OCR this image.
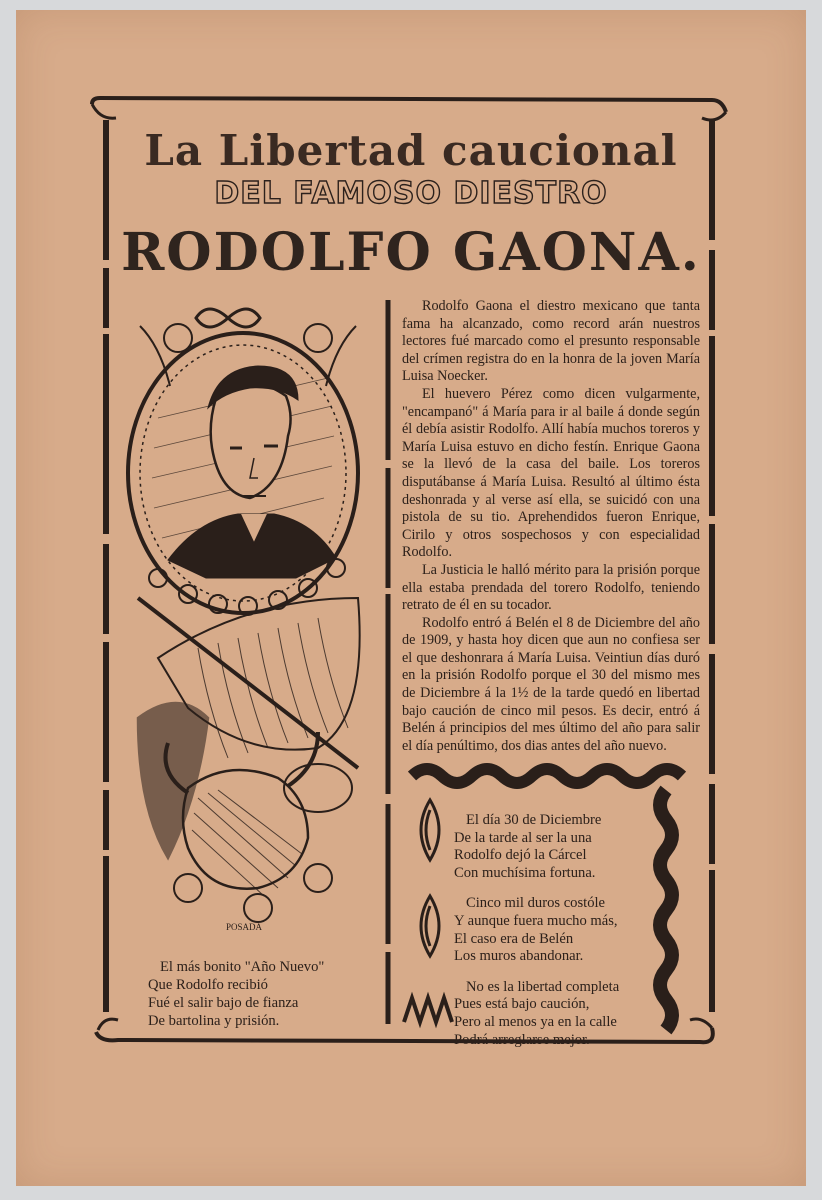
La Libertad caucional
DEL FAMOSO DIESTRO
RODOLFO GAONA.
POSADA

Rodolfo Gaona el diestro mexicano que tanta fama ha alcanzado, como record arán nuestros lectores fué marcado como el presunto responsable del crímen registra do en la honra de la joven María Luisa Noecker.

El huevero Pérez como dicen vulgarmente, "encampanó" á María para ir al baile á donde según él debía asistir Rodolfo. Allí había muchos toreros y María Luisa estuvo en dicho festín. Enrique Gaona se la llevó de la casa del baile. Los toreros disputábanse á María Luisa. Resultó al último ésta deshonrada y al verse así ella, se suicidó con una pistola de su tio. Aprehendidos fueron Enrique, Cirilo y otros sospechosos y con especialidad Rodolfo.

La Justicia le halló mérito para la prisión porque ella estaba prendada del torero Rodolfo, teniendo retrato de él en su tocador.

Rodolfo entró á Belén el 8 de Diciembre del año de 1909, y hasta hoy dicen que aun no confiesa ser el que deshonrara á María Luisa. Veintiun días duró en la prisión Rodolfo porque el 30 del mismo mes de Diciembre á la 1½ de la tarde quedó en libertad bajo caución de cinco mil pesos. Es decir, entró á Belén á principios del mes último del año para salir el día penúltimo, dos dias antes del año nuevo.

El más bonito "Año Nuevo"
Que Rodolfo recibió
Fué el salir bajo de fianza
De bartolina y prisión.
El día 30 de Diciembre
De la tarde al ser la una
Rodolfo dejó la Cárcel
Con muchísima fortuna.
Cinco mil duros costóle
Y aunque fuera mucho más,
El caso era de Belén
Los muros abandonar.
No es la libertad completa
Pues está bajo caución,
Pero al menos ya en la calle
Podrá arreglarse mejor.
